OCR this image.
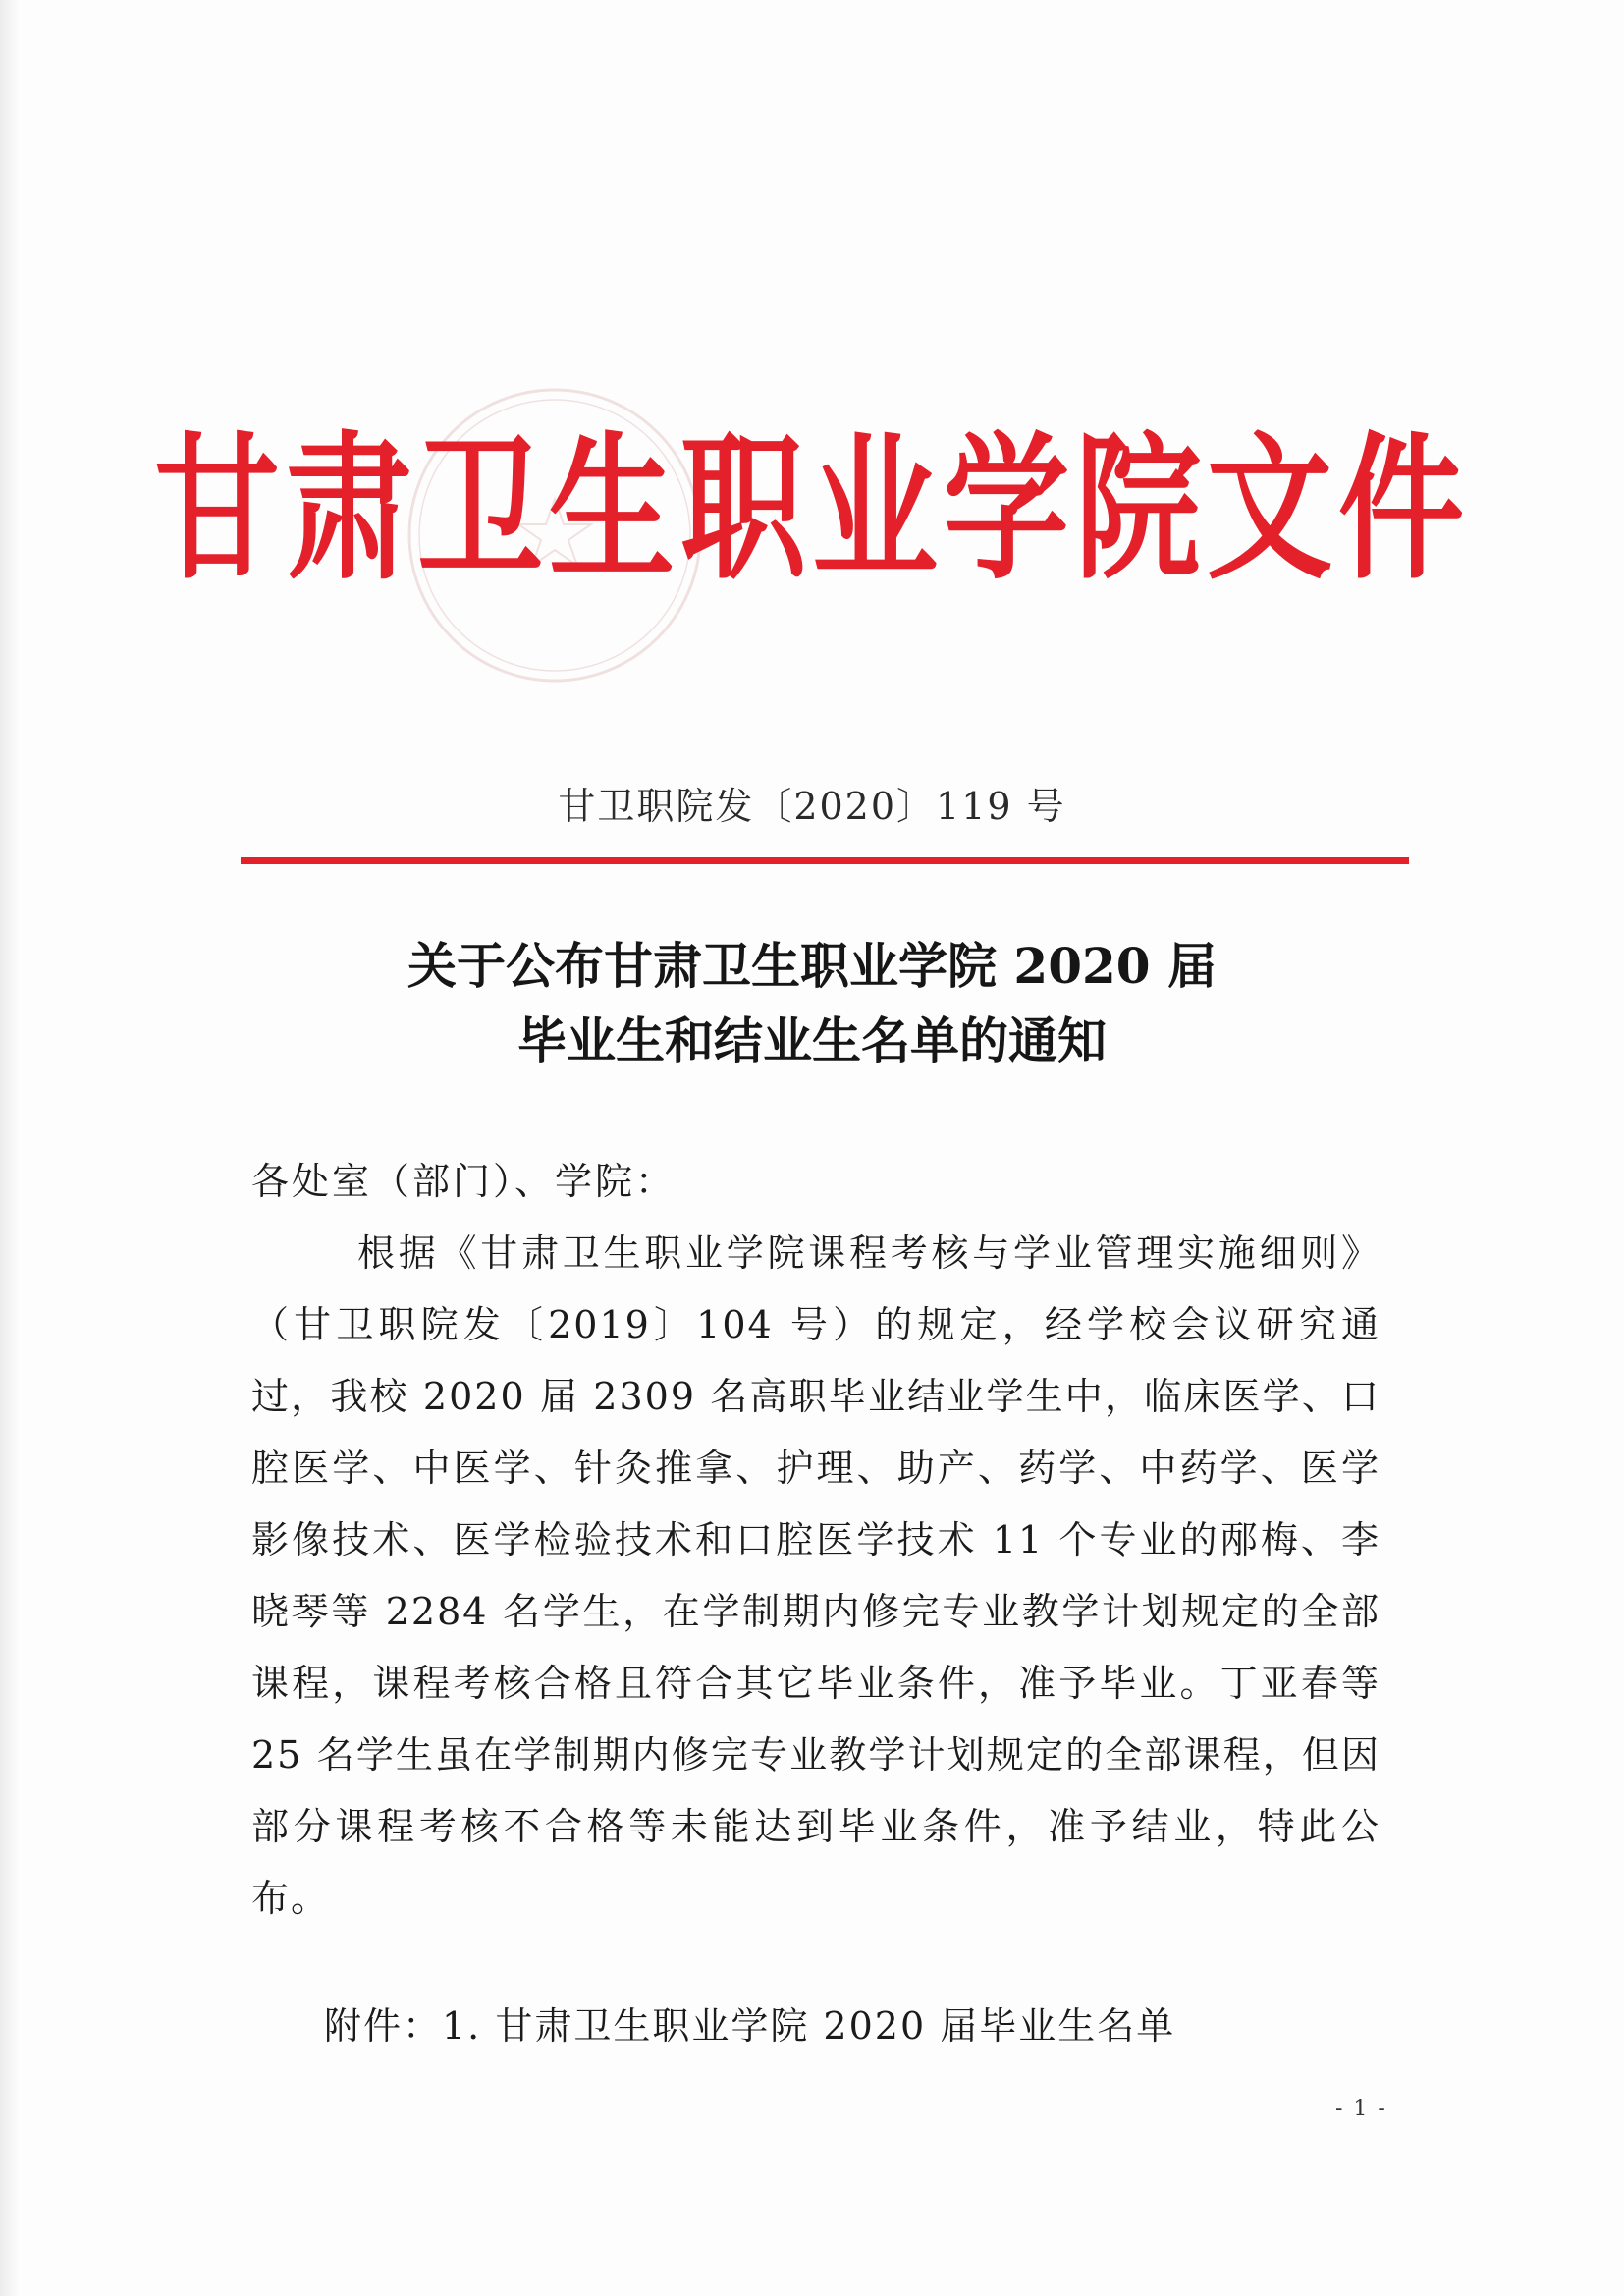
甘肃卫生职业学院文件
甘卫职院发〔2020〕119 号
关于公布甘肃卫生职业学院 2020 届
毕业生和结业生名单的通知
各处室（部门）、学院：
根据《甘肃卫生职业学院课程考核与学业管理实施细则》（甘卫职院发〔2019〕104 号）的规定，经学校会议研究通过，我校 2020 届 2309 名高职毕业结业学生中，临床医学、口腔医学、中医学、针灸推拿、护理、助产、药学、中药学、医学影像技术、医学检验技术和口腔医学技术 11 个专业的邴梅、李晓琴等 2284 名学生，在学制期内修完专业教学计划规定的全部课程，课程考核合格且符合其它毕业条件，准予毕业。丁亚春等 25 名学生虽在学制期内修完专业教学计划规定的全部课程，但因部分课程考核不合格等未能达到毕业条件，准予结业，特此公布。
附件：1. 甘肃卫生职业学院 2020 届毕业生名单
- 1 -
